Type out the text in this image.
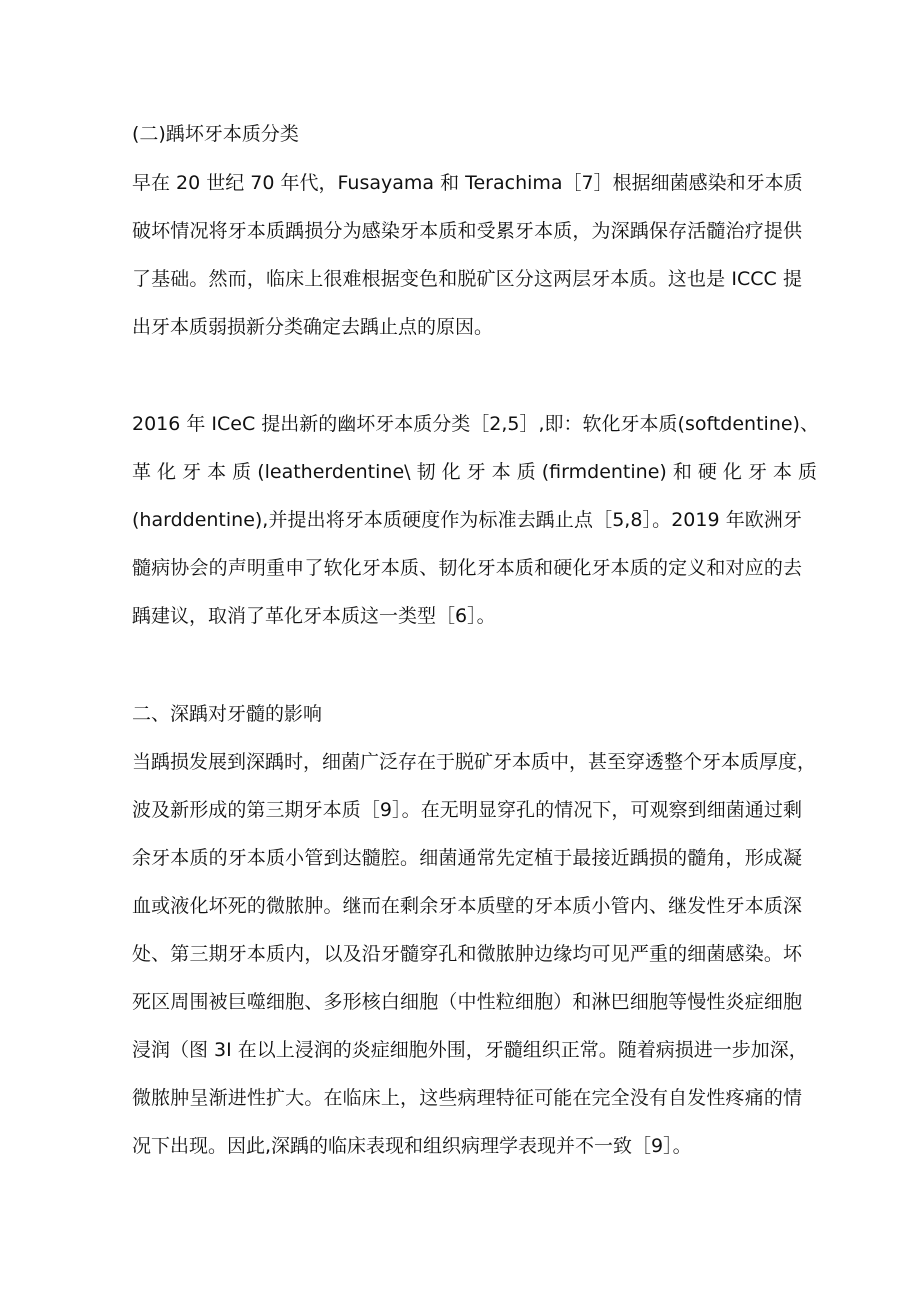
(二)踽坏牙本质分类
早在 20 世纪 70 年代，Fusayama 和 Terachima［7］根据细菌感染和牙本质
破坏情况将牙本质踽损分为感染牙本质和受累牙本质，为深踽保存活髓治疗提供
了基础。然而，临床上很难根据变色和脱矿区分这两层牙本质。这也是 ICCC 提
出牙本质弱损新分类确定去踽止点的原因。
2016 年 ICeC 提出新的幽坏牙本质分类［2,5］,即：软化牙本质(softdentine)、
革 化 牙 本 质 (leatherdentine\ 韧 化 牙 本 质 (firmdentine) 和 硬 化 牙 本 质
(harddentine),并提出将牙本质硬度作为标准去踽止点［5,8］。2019 年欧洲牙
髓病协会的声明重申了软化牙本质、韧化牙本质和硬化牙本质的定义和对应的去
踽建议，取消了革化牙本质这一类型［6］。
二、深踽对牙髓的影响
当踽损发展到深踽时，细菌广泛存在于脱矿牙本质中，甚至穿透整个牙本质厚度，
波及新形成的第三期牙本质［9］。在无明显穿孔的情况下，可观察到细菌通过剩
余牙本质的牙本质小管到达髓腔。细菌通常先定植于最接近踽损的髓角，形成凝
血或液化坏死的微脓肿。继而在剩余牙本质壁的牙本质小管内、继发性牙本质深
处、第三期牙本质内，以及沿牙髓穿孔和微脓肿边缘均可见严重的细菌感染。坏
死区周围被巨噬细胞、多形核白细胞（中性粒细胞）和淋巴细胞等慢性炎症细胞
浸润（图 3I 在以上浸润的炎症细胞外围，牙髓组织正常。随着病损进一步加深，
微脓肿呈渐进性扩大。在临床上，这些病理特征可能在完全没有自发性疼痛的情
况下出现。因此,深踽的临床表现和组织病理学表现并不一致［9］。
